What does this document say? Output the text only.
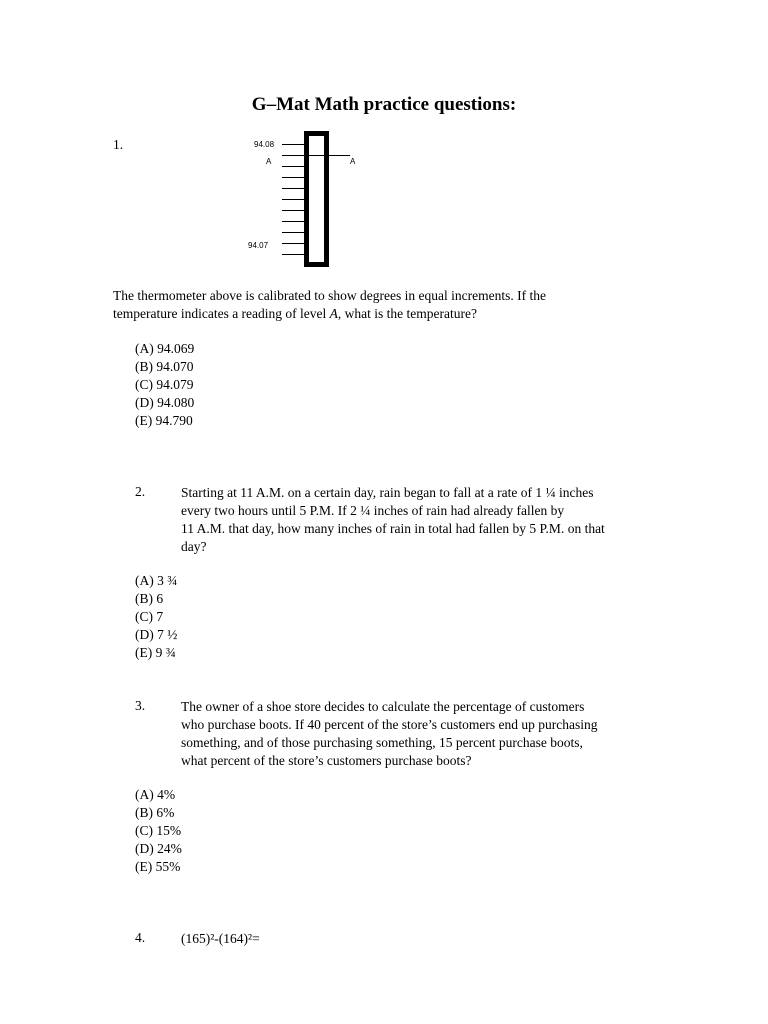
G–Mat Math practice questions:
1.	94.08
A	A
94.07
The thermometer above is calibrated to show degrees in equal increments. If the
temperature indicates a reading of level A, what is the temperature?
(A) 94.069
(B) 94.070
(C) 94.079
(D) 94.080
(E) 94.790
2.	Starting at 11 A.M. on a certain day, rain began to fall at a rate of 1 ¼ inches
every two hours until 5 P.M. If 2 ¼ inches of rain had already fallen by
11 A.M. that day, how many inches of rain in total had fallen by 5 P.M. on that
day?
(A) 3 ¾
(B) 6
(C) 7
(D) 7 ½
(E) 9 ¾
3.	The owner of a shoe store decides to calculate the percentage of customers
who purchase boots. If 40 percent of the store’s customers end up purchasing
something, and of those purchasing something, 15 percent purchase boots,
what percent of the store’s customers purchase boots?
(A) 4%
(B) 6%
(C) 15%
(D) 24%
(E) 55%
4.	(165)²-(164)²=
